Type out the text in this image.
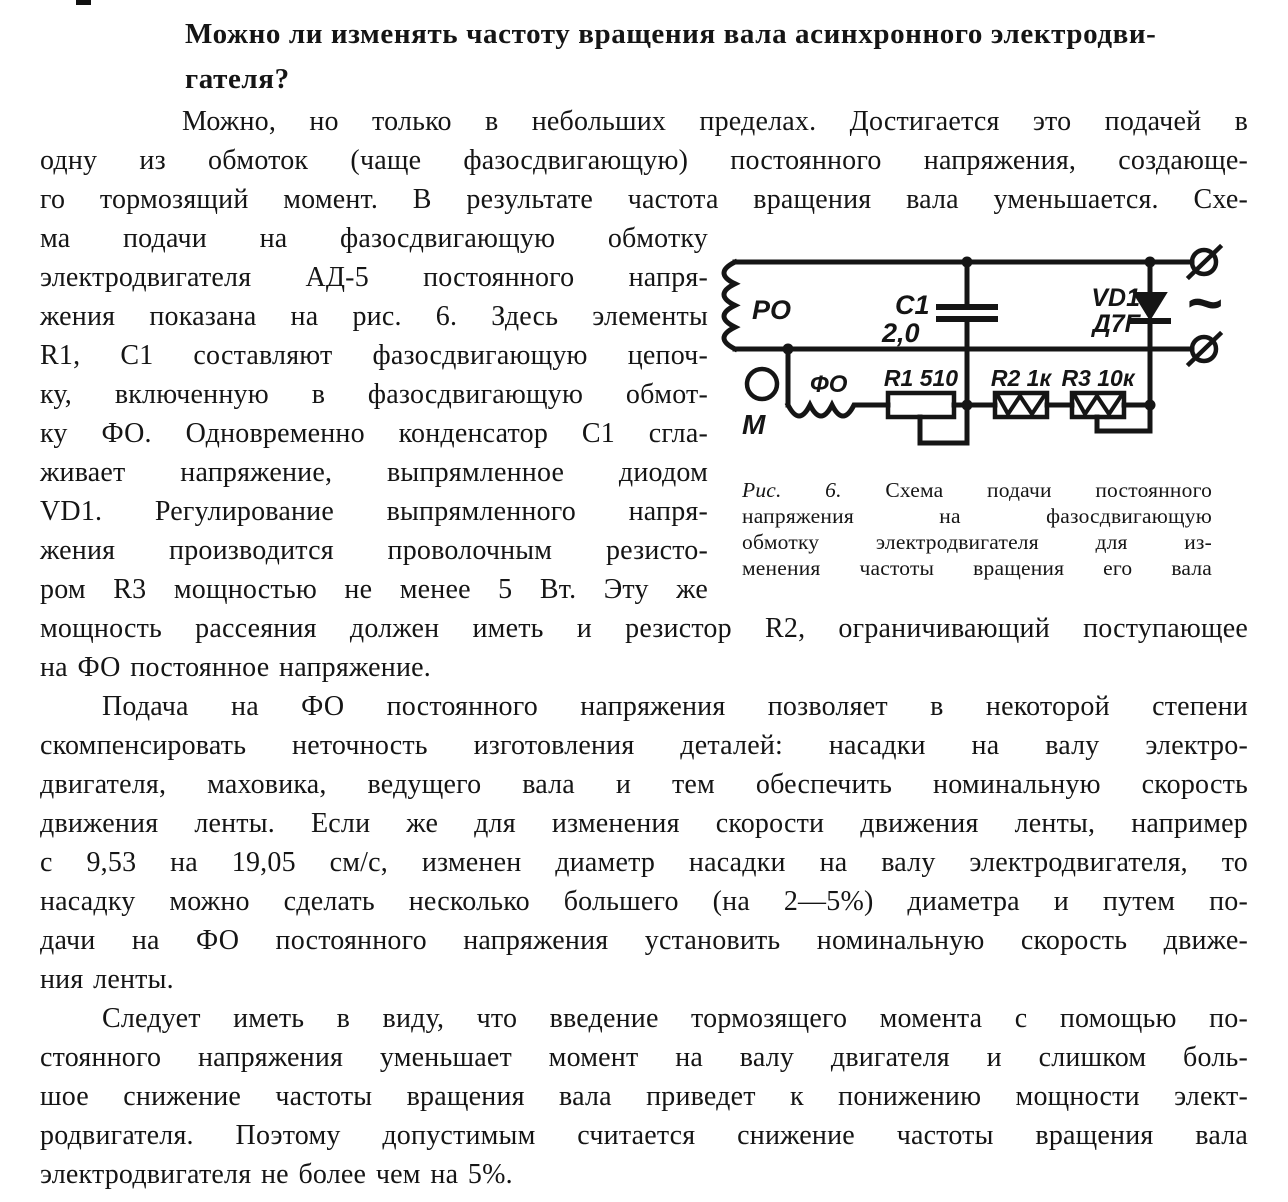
Можно ли изменять частоту вращения вала асинхронного электродви-
гателя?
Можно, но только в небольших пределах. Достигается это подачей в
одну из обмоток (чаще фазосдвигающую) постоянного напряжения, создающе-
го тормозящий момент. В результате частота вращения вала уменьшается. Схе-
ма подачи на фазосдвигающую обмотку
электродвигателя АД-5 постоянного напря-
жения показана на рис. 6. Здесь элементы
R1, C1 составляют фазосдвигающую цепоч-
ку, включенную в фазосдвигающую обмот-
ку ФО. Одновременно конденсатор C1 сгла-
живает напряжение, выпрямленное диодом
VD1. Регулирование выпрямленного напря-
жения производится проволочным резисто-
ром R3 мощностью не менее 5 Вт. Эту же
РО	С1
2,0
ФО
М
R1 510 R2 1к R3 10к
VD1
Д7Г ~
Рис. 6. Схема подачи постоянного
напряжения на фазосдвигающую
обмотку электродвигателя для из-
менения частоты вращения его вала
мощность рассеяния должен иметь и резистор R2, ограничивающий поступающее
на ФО постоянное напряжение.
Подача на ФО постоянного напряжения позволяет в некоторой степени
скомпенсировать неточность изготовления деталей: насадки на валу электро-
двигателя, маховика, ведущего вала и тем обеспечить номинальную скорость
движения ленты. Если же для изменения скорости движения ленты, например
с 9,53 на 19,05 см/с, изменен диаметр насадки на валу электродвигателя, то
насадку можно сделать несколько большего (на 2—5%) диаметра и путем по-
дачи на ФО постоянного напряжения установить номинальную скорость движе-
ния ленты.
Следует иметь в виду, что введение тормозящего момента с помощью по-
стоянного напряжения уменьшает момент на валу двигателя и слишком боль-
шое снижение частоты вращения вала приведет к понижению мощности элект-
родвигателя. Поэтому допустимым считается снижение частоты вращения вала
электродвигателя не более чем на 5%.
